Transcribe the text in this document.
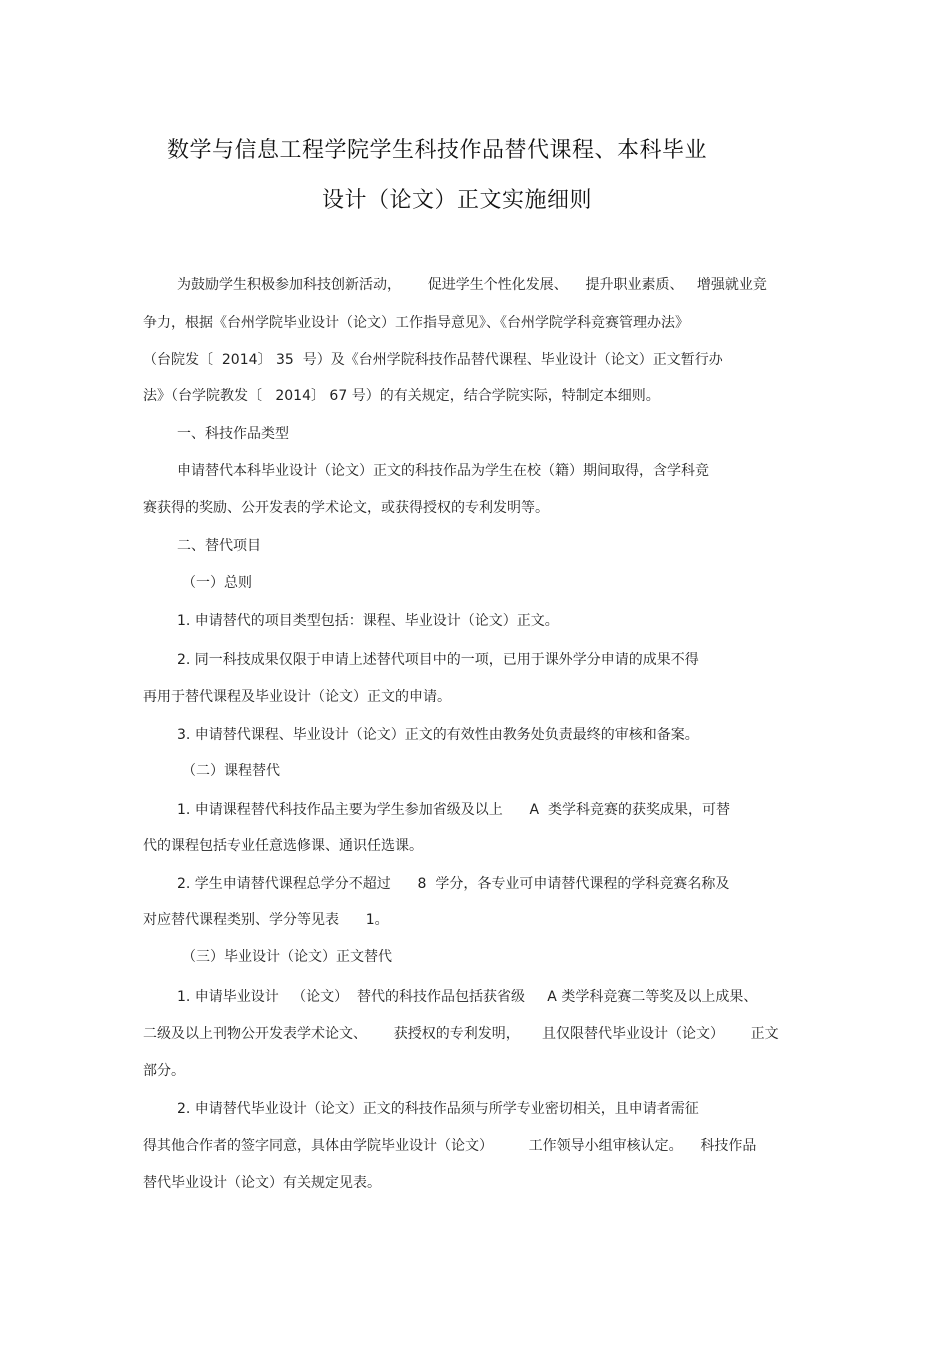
数学与信息工程学院学生科技作品替代课程、本科毕业
设计（论文）正文实施细则
为鼓励学生积极参加科技创新活动，      促进学生个性化发展、    提升职业素质、   增强就业竞
争力，根据《台州学院毕业设计（论文）工作指导意见》、《台州学院学科竞赛管理办法》
（台院发〔  2014〕 35  号）及《台州学院科技作品替代课程、毕业设计（论文）正文暂行办
法》（台学院教发〔   2014〕 67 号）的有关规定，结合学院实际，特制定本细则。
一、科技作品类型
申请替代本科毕业设计（论文）正文的科技作品为学生在校（籍）期间取得，含学科竞
赛获得的奖励、公开发表的学术论文，或获得授权的专利发明等。
二、替代项目
（一）总则
1. 申请替代的项目类型包括：课程、毕业设计（论文）正文。
2. 同一科技成果仅限于申请上述替代项目中的一项，已用于课外学分申请的成果不得
再用于替代课程及毕业设计（论文）正文的申请。
3. 申请替代课程、毕业设计（论文）正文的有效性由教务处负责最终的审核和备案。
（二）课程替代
1. 申请课程替代科技作品主要为学生参加省级及以上      A  类学科竞赛的获奖成果，可替
代的课程包括专业任意选修课、通识任选课。
2. 学生申请替代课程总学分不超过      8  学分，各专业可申请替代课程的学科竞赛名称及
对应替代课程类别、学分等见表      1。
（三）毕业设计（论文）正文替代
1. 申请毕业设计   （论文）  替代的科技作品包括获省级     A 类学科竞赛二等奖及以上成果、
二级及以上刊物公开发表学术论文、      获授权的专利发明，     且仅限替代毕业设计（论文）      正文
部分。
2. 申请替代毕业设计（论文）正文的科技作品须与所学专业密切相关，且申请者需征
得其他合作者的签字同意，具体由学院毕业设计（论文）        工作领导小组审核认定。    科技作品
替代毕业设计（论文）有关规定见表。
